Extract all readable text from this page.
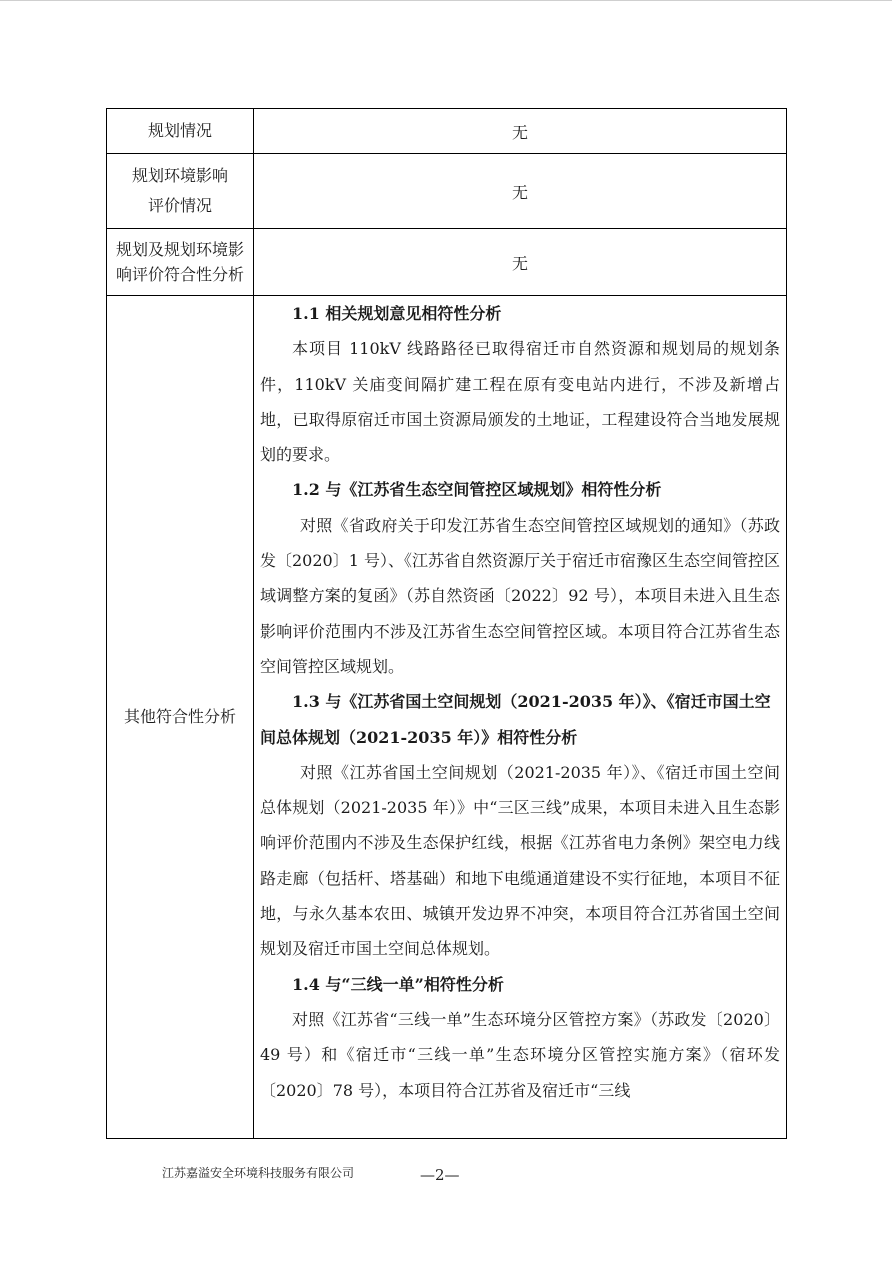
规划情况	无
规划环境影响
评价情况
无
规划及规划环境影
响评价符合性分析
无
其他符合性分析

1.1 相关规划意见相符性分析

本项目 110kV 线路路径已取得宿迁市自然资源和规划局的规划条件，110kV 关庙变间隔扩建工程在原有变电站内进行，不涉及新增占地，已取得原宿迁市国土资源局颁发的土地证，工程建设符合当地发展规划的要求。

1.2 与《江苏省生态空间管控区域规划》相符性分析

对照《省政府关于印发江苏省生态空间管控区域规划的通知》（苏政发〔2020〕1 号）、《江苏省自然资源厅关于宿迁市宿豫区生态空间管控区域调整方案的复函》（苏自然资函〔2022〕92 号），本项目未进入且生态影响评价范围内不涉及江苏省生态空间管控区域。本项目符合江苏省生态空间管控区域规划。

1.3 与《江苏省国土空间规划（2021-2035 年）》、《宿迁市国土空间总体规划（2021-2035 年）》相符性分析

对照《江苏省国土空间规划（2021-2035 年）》、《宿迁市国土空间总体规划（2021-2035 年）》中“三区三线”成果，本项目未进入且生态影响评价范围内不涉及生态保护红线，根据《江苏省电力条例》架空电力线路走廊（包括杆、塔基础）和地下电缆通道建设不实行征地，本项目不征地，与永久基本农田、城镇开发边界不冲突，本项目符合江苏省国土空间规划及宿迁市国土空间总体规划。

1.4 与“三线一单”相符性分析

对照《江苏省“三线一单”生态环境分区管控方案》（苏政发〔2020〕49 号）和《宿迁市“三线一单”生态环境分区管控实施方案》（宿环发〔2020〕78 号），本项目符合江苏省及宿迁市“三线

江苏嘉溢安全环境科技服务有限公司	—2—
